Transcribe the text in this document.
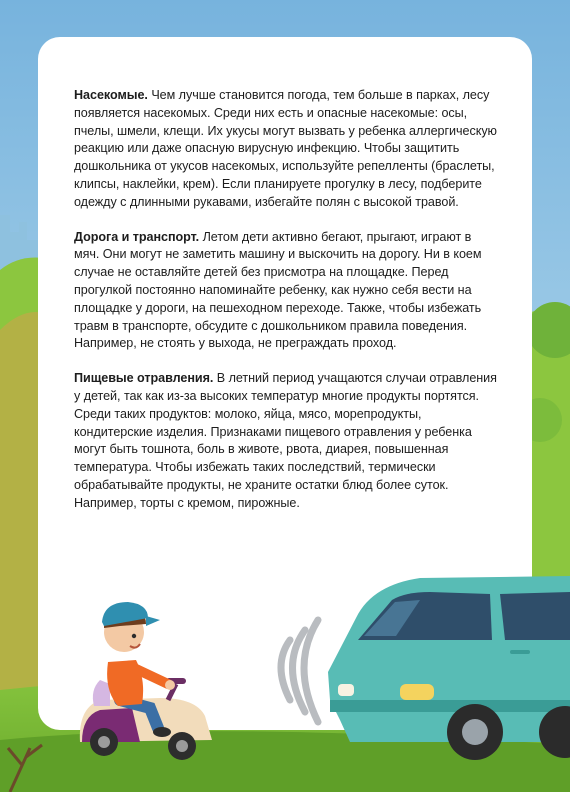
Насекомые. Чем лучше становится погода, тем больше в парках, лесу появляется насекомых. Среди них есть и опасные насекомые: осы, пчелы, шмели, клещи. Их укусы могут вызвать у ребенка аллергическую реакцию или даже опасную вирусную инфекцию. Чтобы защитить дошкольника от укусов насекомых, используйте репелленты (браслеты, клипсы, наклейки, крем). Если планируете прогулку в лесу, подберите одежду с длинными рукавами, избегайте полян с высокой травой.

Дорога и транспорт. Летом дети активно бегают, прыгают, играют в мяч. Они могут не заметить машину и выскочить на дорогу. Ни в коем случае не оставляйте детей без присмотра на площадке. Перед прогулкой постоянно напоминайте ребенку, как нужно себя вести на площадке у дороги, на пешеходном переходе. Также, чтобы избежать травм в транспорте, обсудите с дошкольником правила поведения. Например, не стоять у выхода, не преграждать проход.

Пищевые отравления. В летний период учащаются случаи отравления у детей, так как из-за высоких температур многие продукты портятся. Среди таких продуктов: молоко, яйца, мясо, морепродукты, кондитерские изделия. Признаками пищевого отравления у ребенка могут быть тошнота, боль в животе, рвота, диарея, повышенная температура. Чтобы избежать таких последствий, термически обрабатывайте продукты, не храните остатки блюд более суток. Например, торты с кремом, пирожные.
